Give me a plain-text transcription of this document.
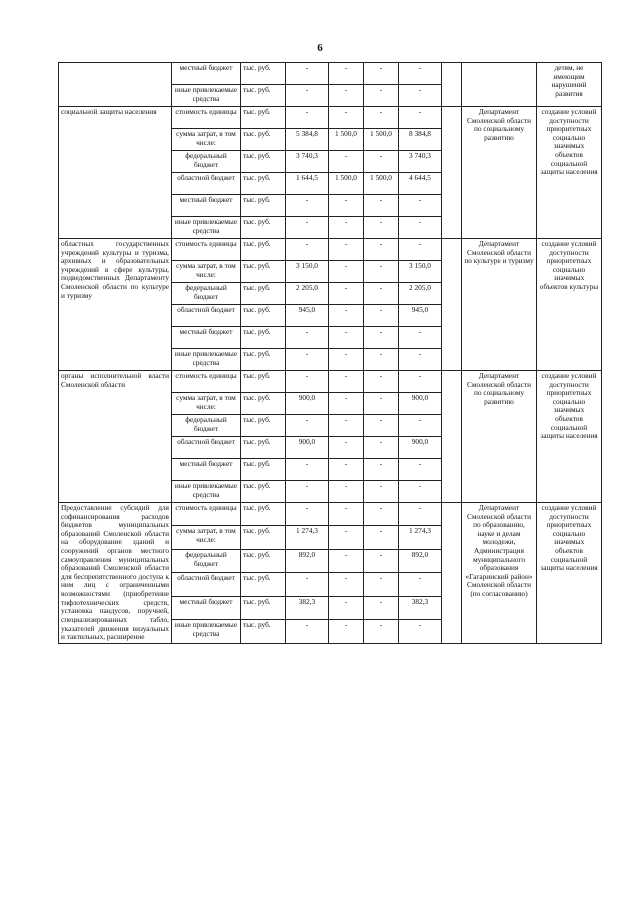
6
	местный бюджет	тыс. руб.	-	-	-	-			детям, не имеющим нарушений развития
	иные привлекаемые средства	тыс. руб.	-	-	-	-			
социальной защиты населения	стоимость единицы	тыс. руб.	-	-	-	-		Департамент Смоленской области по социальному развитию	создание условий доступности приоритетных социально значимых объектов социальной защиты населения
	сумма затрат, в том числе:	тыс. руб.	5 384,8	1 500,0	1 500,0	8 384,8			
	федеральный бюджет	тыс. руб.	3 740,3	-	-	3 740,3			
	областной бюджет	тыс. руб.	1 644,5	1 500,0	1 500,0	4 644,5			
	местный бюджет	тыс. руб.	-	-	-	-			
	иные привлекаемые средства	тыс. руб.	-	-	-	-			
областных государственных учреждений культуры и туризма, архивных и образовательных учреждений в сфере культуры, подведомственных Департаменту Смоленской области по культуре и туризму	стоимость единицы	тыс. руб.	-	-	-	-		Департамент Смоленской области по культуре и туризму	создание условий доступности приоритетных социально значимых объектов культуры
	сумма затрат, в том числе:	тыс. руб.	3 150,0	-	-	3 150,0			
	федеральный бюджет	тыс. руб.	2 205,0	-	-	2 205,0			
	областной бюджет	тыс. руб.	945,0	-	-	945,0			
	местный бюджет	тыс. руб.	-	-	-	-			
	иные привлекаемые средства	тыс. руб.	-	-	-	-			
органы исполнительной власти Смоленской области	стоимость единицы	тыс. руб.	-	-	-	-		Департамент Смоленской области по социальному развитию	создание условий доступности приоритетных социально значимых объектов социальной защиты населения
	сумма затрат, в том числе:	тыс. руб.	900,0	-	-	900,0			
	федеральный бюджет	тыс. руб.	-	-	-	-			
	областной бюджет	тыс. руб.	900,0	-	-	900,0			
	местный бюджет	тыс. руб.	-	-	-	-			
	иные привлекаемые средства	тыс. руб.	-	-	-	-			
Предоставление субсидий для софинансирования расходов бюджетов муниципальных образований Смоленской области на оборудование зданий и сооружений органов местного самоуправления муниципальных образований Смоленской области для беспрепятственного доступа к ним лиц с ограниченными возможностями (приобретение тифлотехнических средств, установка пандусов, поручней, специализированных табло, указателей движения визуальных и тактильных, расширение	стоимость единицы	тыс. руб.	-	-	-	-		Департамент Смоленской области по образованию, науке и делам молодежи, Администрация муниципального образования «Гагаринский район» Смоленской области (по согласованию)	создание условий доступности приоритетных социально значимых объектов социальной защиты населения
	сумма затрат, в том числе:	тыс. руб.	1 274,3	-	-	1 274,3			
	федеральный бюджет	тыс. руб.	892,0	-	-	892,0			
	областной бюджет	тыс. руб.	-	-	-	-			
	местный бюджет	тыс. руб.	382,3	-	-	382,3			
	иные привлекаемые средства	тыс. руб.	-	-	-	-			
